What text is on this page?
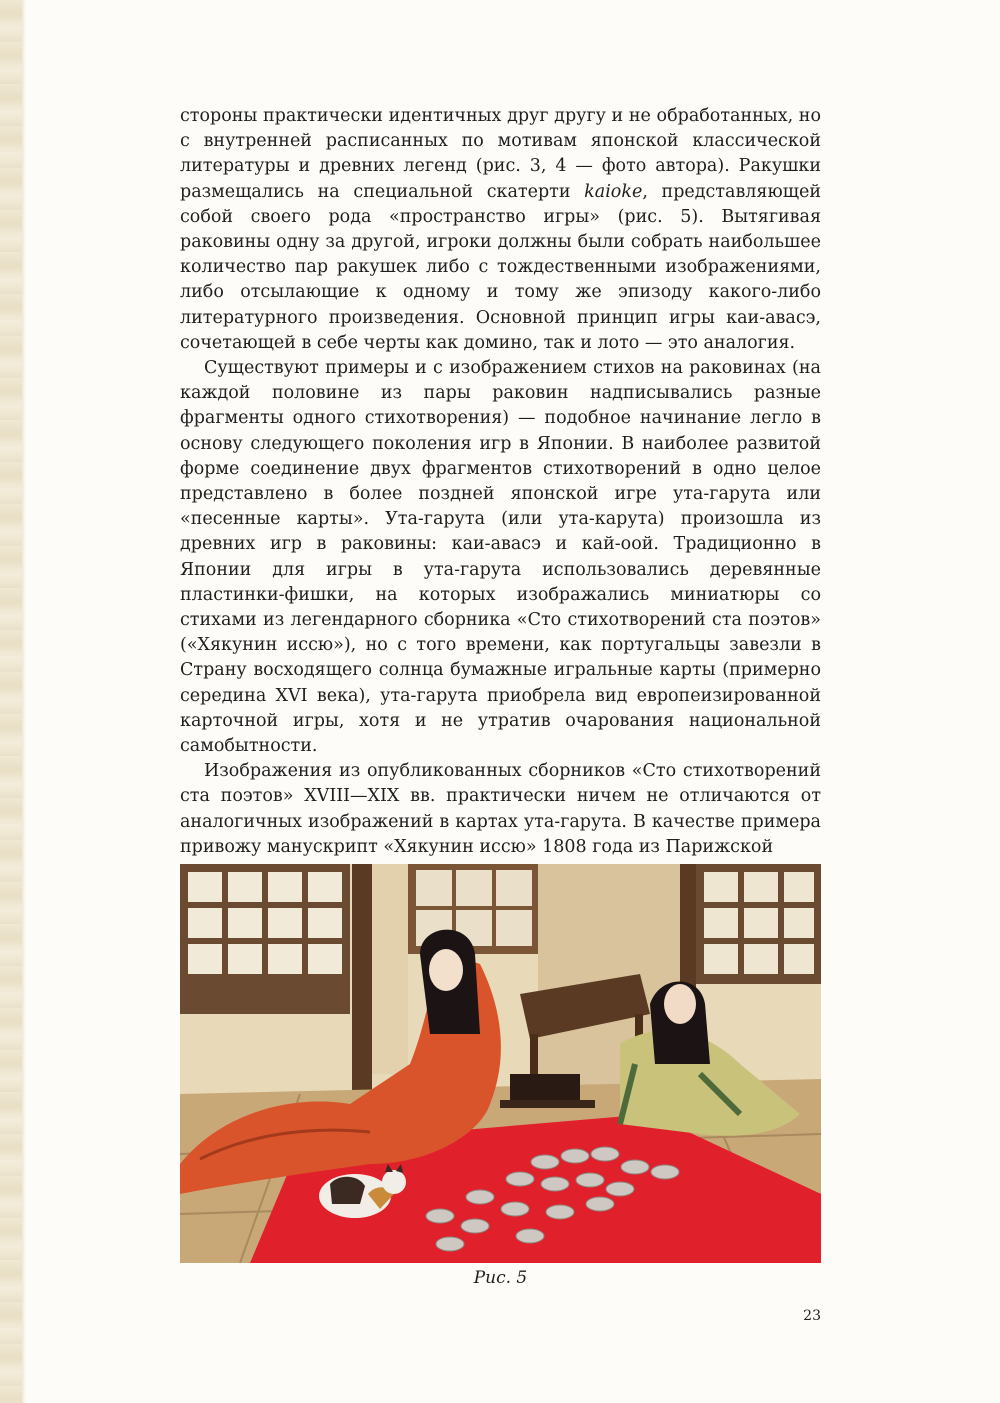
стороны практически идентичных друг другу и не обработанных, но с внутренней расписанных по мотивам японской классической литературы и древних легенд (рис. 3, 4 — фото автора). Ракушки размещались на специальной скатерти kaioke, представляющей собой своего рода «пространство игры» (рис. 5). Вытягивая раковины одну за другой, игроки должны были собрать наибольшее количество пар ракушек либо с тождественными изображениями, либо отсылающие к одному и тому же эпизоду какого-либо литературного произведения. Основной принцип игры каи-авасэ, сочетающей в себе черты как домино, так и лото — это аналогия.

Существуют примеры и с изображением стихов на раковинах (на каждой половине из пары раковин надписывались разные фрагменты одного стихотворения) — подобное начинание легло в основу следующего поколения игр в Японии. В наиболее развитой форме соединение двух фрагментов стихотворений в одно целое представлено в более поздней японской игре ута-гарута или «песенные карты». Ута-гарута (или ута-карута) произошла из древних игр в раковины: каи-авасэ и кай-оой. Традиционно в Японии для игры в ута-гарута использовались деревянные пластинки-фишки, на которых изображались миниатюры со стихами из легендарного сборника «Сто стихотворений ста поэтов» («Хякунин иссю»), но с того времени, как португальцы завезли в Страну восходящего солнца бумажные игральные карты (примерно середина XVI века), ута-гарута приобрела вид европеизированной карточной игры, хотя и не утратив очарования национальной самобытности.

Изображения из опубликованных сборников «Сто стихотворений ста поэтов» XVIII—XIX вв. практически ничем не отличаются от аналогичных изображений в картах ута-гарута. В качестве примера привожу манускрипт «Хякунин иссю» 1808 года из Парижской

Рис. 5
23
